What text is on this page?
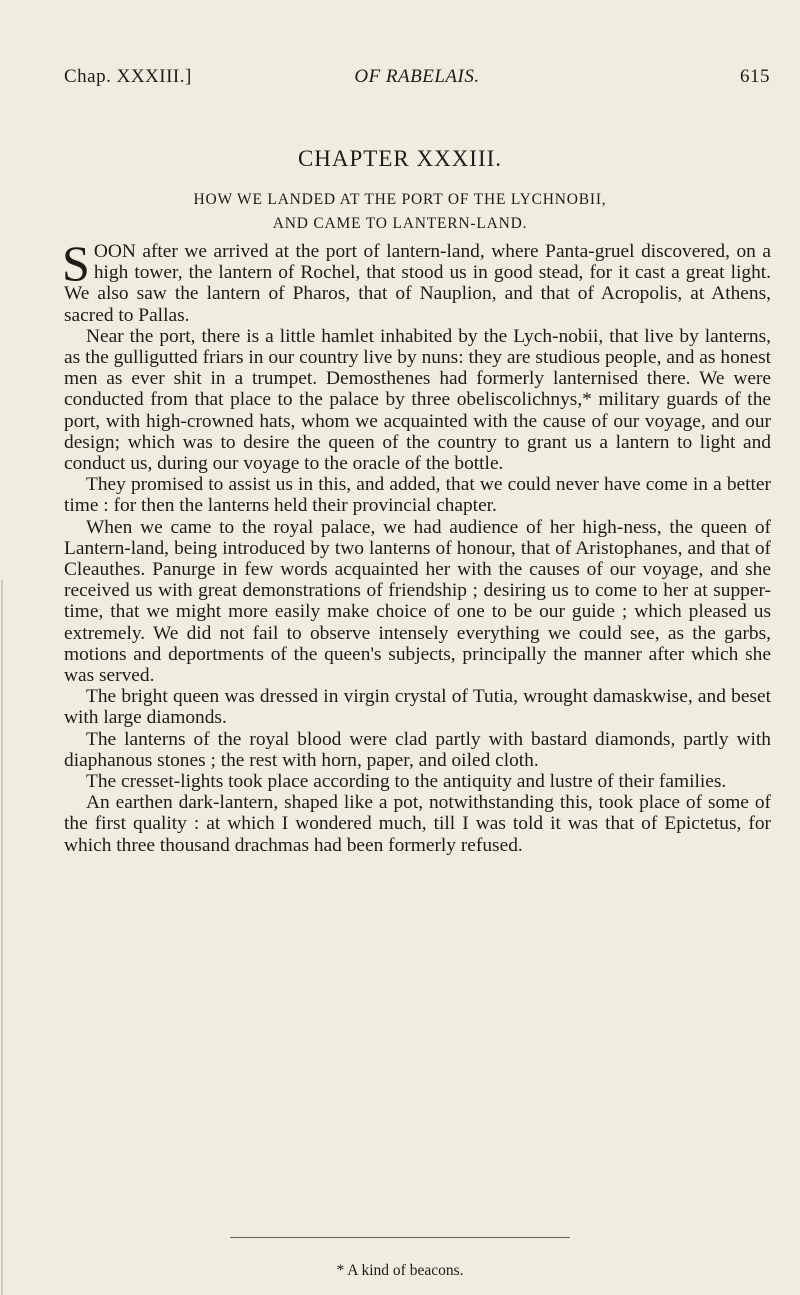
Chap. XXXIII.]	OF RABELAIS.	615
CHAPTER XXXIII.
HOW WE LANDED AT THE PORT OF THE LYCHNOBII,
AND CAME TO LANTERN-LAND.

SOON after we arrived at the port of lantern-land, where Panta-gruel discovered, on a high tower, the lantern of Rochel, that stood us in good stead, for it cast a great light. We also saw the lantern of Pharos, that of Nauplion, and that of Acropolis, at Athens, sacred to Pallas.

Near the port, there is a little hamlet inhabited by the Lych-nobii, that live by lanterns, as the gulligutted friars in our country live by nuns: they are studious people, and as honest men as ever shit in a trumpet. Demosthenes had formerly lanternised there. We were conducted from that place to the palace by three obeliscolichnys,* military guards of the port, with high-crowned hats, whom we acquainted with the cause of our voyage, and our design; which was to desire the queen of the country to grant us a lantern to light and conduct us, during our voyage to the oracle of the bottle.

They promised to assist us in this, and added, that we could never have come in a better time : for then the lanterns held their provincial chapter.

When we came to the royal palace, we had audience of her high-ness, the queen of Lantern-land, being introduced by two lanterns of honour, that of Aristophanes, and that of Cleauthes. Panurge in few words acquainted her with the causes of our voyage, and she received us with great demonstrations of friendship ; desiring us to come to her at supper-time, that we might more easily make choice of one to be our guide ; which pleased us extremely. We did not fail to observe intensely everything we could see, as the garbs, motions and deportments of the queen's subjects, principally the manner after which she was served.

The bright queen was dressed in virgin crystal of Tutia, wrought damaskwise, and beset with large diamonds.

The lanterns of the royal blood were clad partly with bastard diamonds, partly with diaphanous stones ; the rest with horn, paper, and oiled cloth.

The cresset-lights took place according to the antiquity and lustre of their families.

An earthen dark-lantern, shaped like a pot, notwithstanding this, took place of some of the first quality : at which I wondered much, till I was told it was that of Epictetus, for which three thousand drachmas had been formerly refused.

* A kind of beacons.
